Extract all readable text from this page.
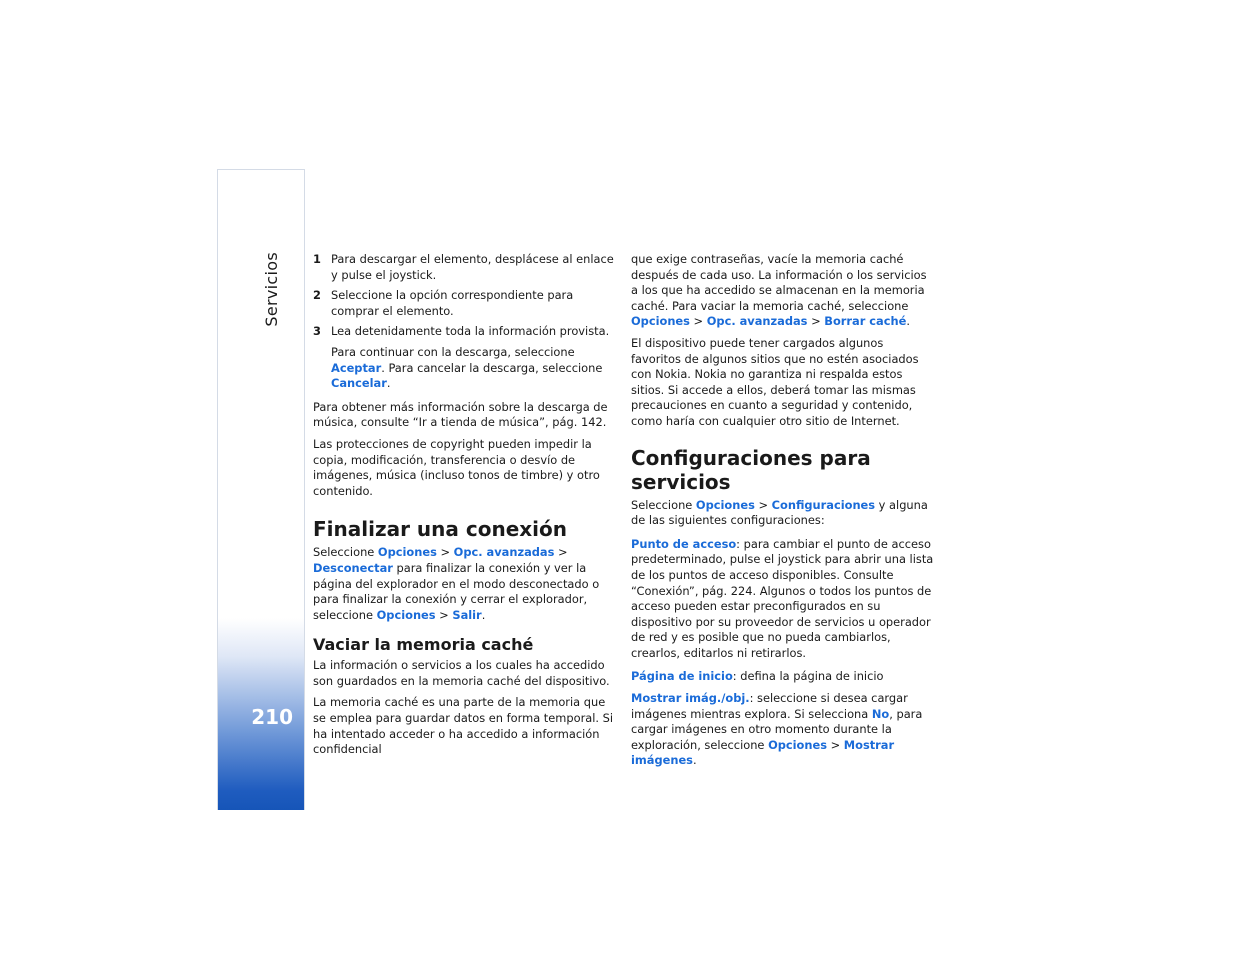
Servicios
210
1 Para descargar el elemento, desplácese al enlace y pulse el joystick.
2 Seleccione la opción correspondiente para comprar el elemento.
3 Lea detenidamente toda la información provista.

Para continuar con la descarga, seleccione Aceptar. Para cancelar la descarga, seleccione Cancelar.

Para obtener más información sobre la descarga de música, consulte “Ir a tienda de música”, pág. 142.

Las protecciones de copyright pueden impedir la copia, modificación, transferencia o desvío de imágenes, música (incluso tonos de timbre) y otro contenido.

Finalizar una conexión

Seleccione Opciones > Opc. avanzadas > Desconectar para finalizar la conexión y ver la página del explorador en el modo desconectado o para finalizar la conexión y cerrar el explorador, seleccione Opciones > Salir.

Vaciar la memoria caché

La información o servicios a los cuales ha accedido son guardados en la memoria caché del dispositivo.

La memoria caché es una parte de la memoria que se emplea para guardar datos en forma temporal. Si ha intentado acceder o ha accedido a información confidencial

que exige contraseñas, vacíe la memoria caché después de cada uso. La información o los servicios a los que ha accedido se almacenan en la memoria caché. Para vaciar la memoria caché, seleccione Opciones > Opc. avanzadas > Borrar caché.

El dispositivo puede tener cargados algunos favoritos de algunos sitios que no estén asociados con Nokia. Nokia no garantiza ni respalda estos sitios. Si accede a ellos, deberá tomar las mismas precauciones en cuanto a seguridad y contenido, como haría con cualquier otro sitio de Internet.

Configuraciones para servicios

Seleccione Opciones > Configuraciones y alguna de las siguientes configuraciones:

Punto de acceso: para cambiar el punto de acceso predeterminado, pulse el joystick para abrir una lista de los puntos de acceso disponibles. Consulte “Conexión”, pág. 224. Algunos o todos los puntos de acceso pueden estar preconfigurados en su dispositivo por su proveedor de servicios u operador de red y es posible que no pueda cambiarlos, crearlos, editarlos ni retirarlos.

Página de inicio: defina la página de inicio

Mostrar imág./obj.: seleccione si desea cargar imágenes mientras explora. Si selecciona No, para cargar imágenes en otro momento durante la exploración, seleccione Opciones > Mostrar imágenes.
